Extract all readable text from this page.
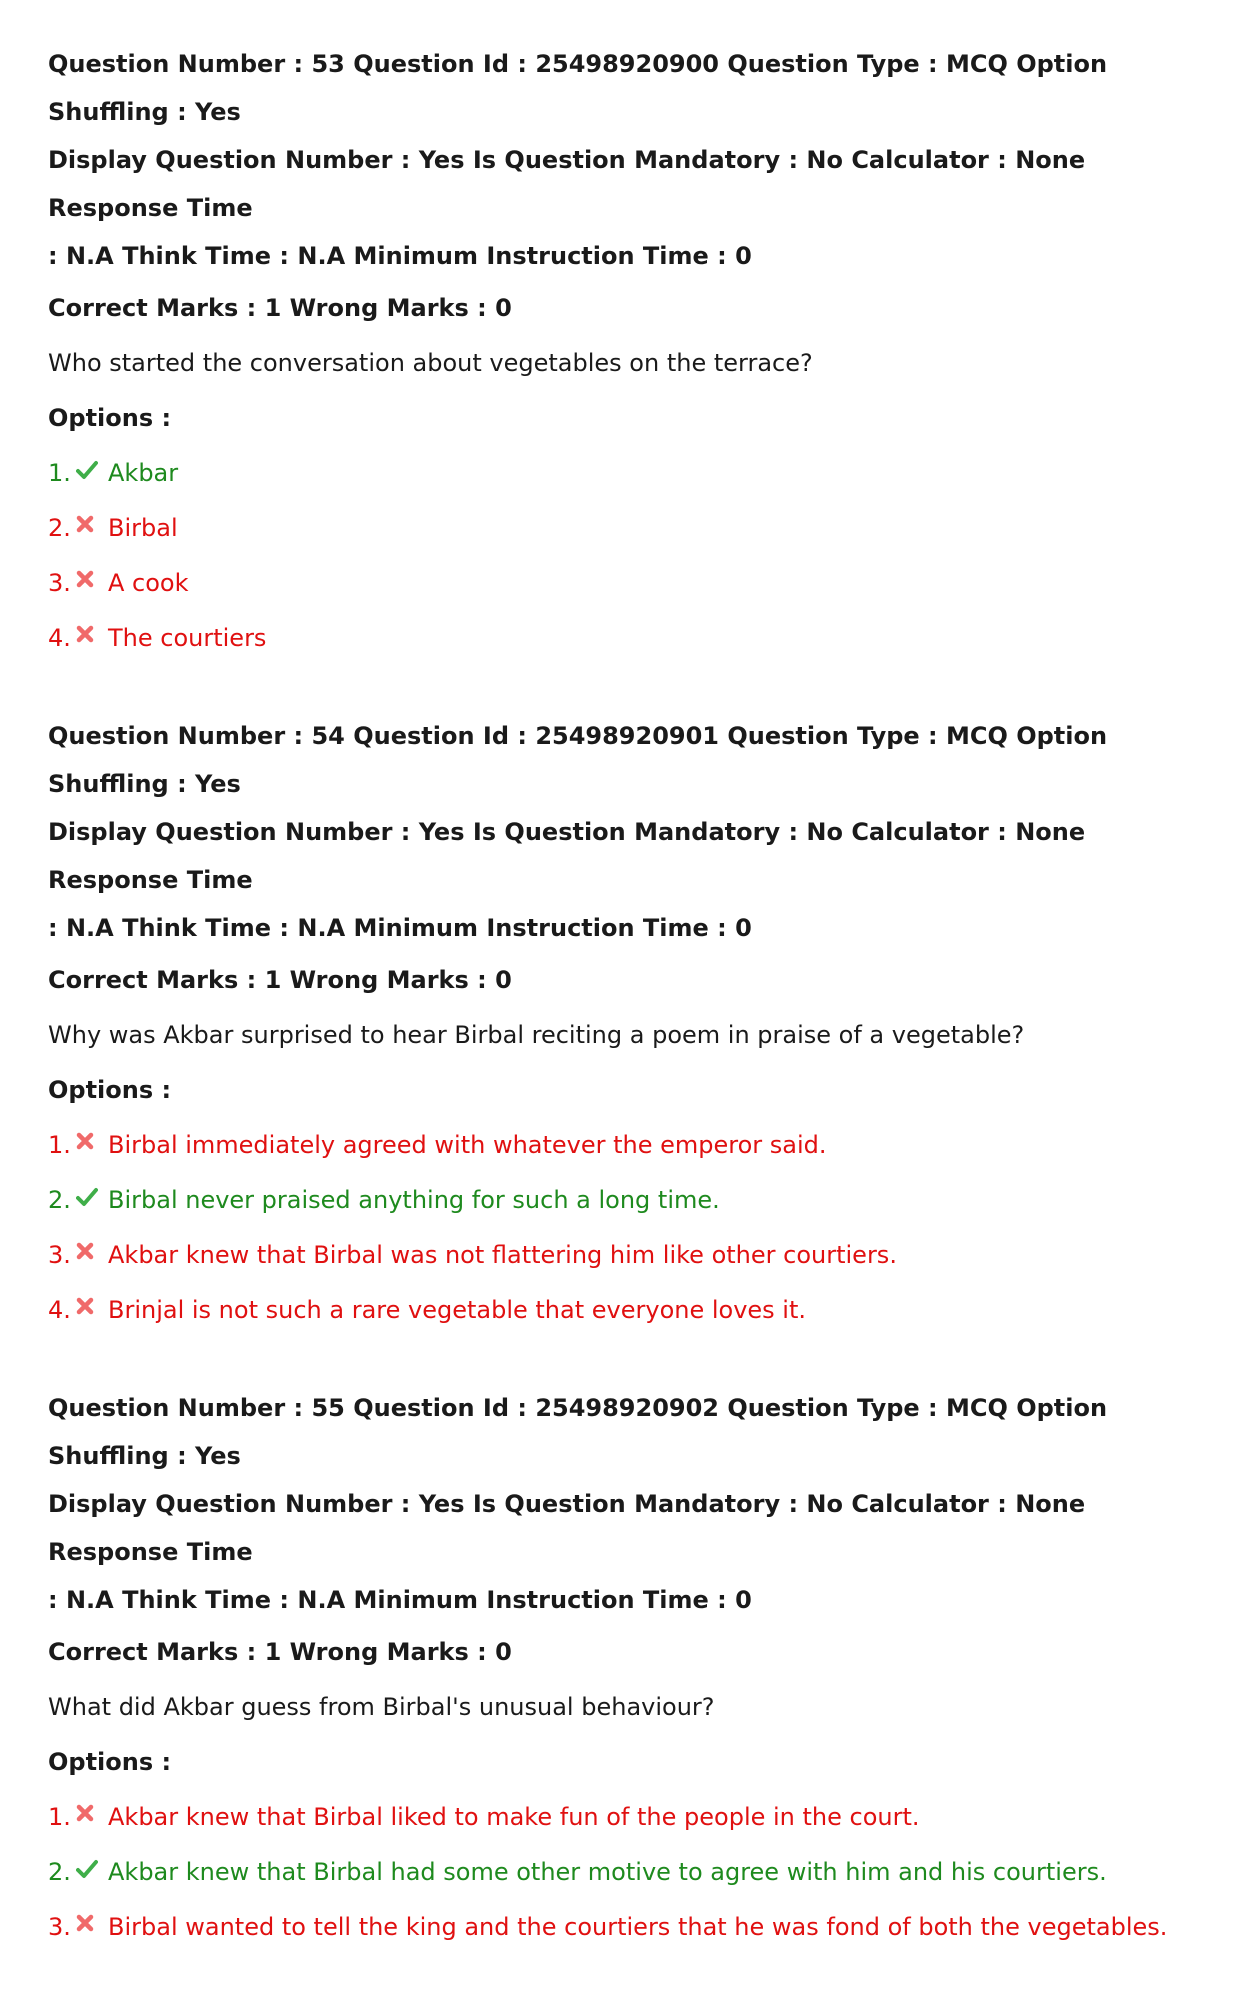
Question Number : 53 Question Id : 25498920900 Question Type : MCQ Option Shuffling : Yes

Display Question Number : Yes Is Question Mandatory : No Calculator : None Response Time

: N.A Think Time : N.A Minimum Instruction Time : 0

Correct Marks : 1 Wrong Marks : 0

Who started the conversation about vegetables on the terrace?

Options :

1. Akbar
2. Birbal
3. A cook
4. The courtiers

Question Number : 54 Question Id : 25498920901 Question Type : MCQ Option Shuffling : Yes

Display Question Number : Yes Is Question Mandatory : No Calculator : None Response Time

: N.A Think Time : N.A Minimum Instruction Time : 0

Correct Marks : 1 Wrong Marks : 0

Why was Akbar surprised to hear Birbal reciting a poem in praise of a vegetable?

Options :

1. Birbal immediately agreed with whatever the emperor said.
2. Birbal never praised anything for such a long time.
3. Akbar knew that Birbal was not flattering him like other courtiers.
4. Brinjal is not such a rare vegetable that everyone loves it.

Question Number : 55 Question Id : 25498920902 Question Type : MCQ Option Shuffling : Yes

Display Question Number : Yes Is Question Mandatory : No Calculator : None Response Time

: N.A Think Time : N.A Minimum Instruction Time : 0

Correct Marks : 1 Wrong Marks : 0

What did Akbar guess from Birbal's unusual behaviour?

Options :

1. Akbar knew that Birbal liked to make fun of the people in the court.
2. Akbar knew that Birbal had some other motive to agree with him and his courtiers.
3. Birbal wanted to tell the king and the courtiers that he was fond of both the vegetables.
